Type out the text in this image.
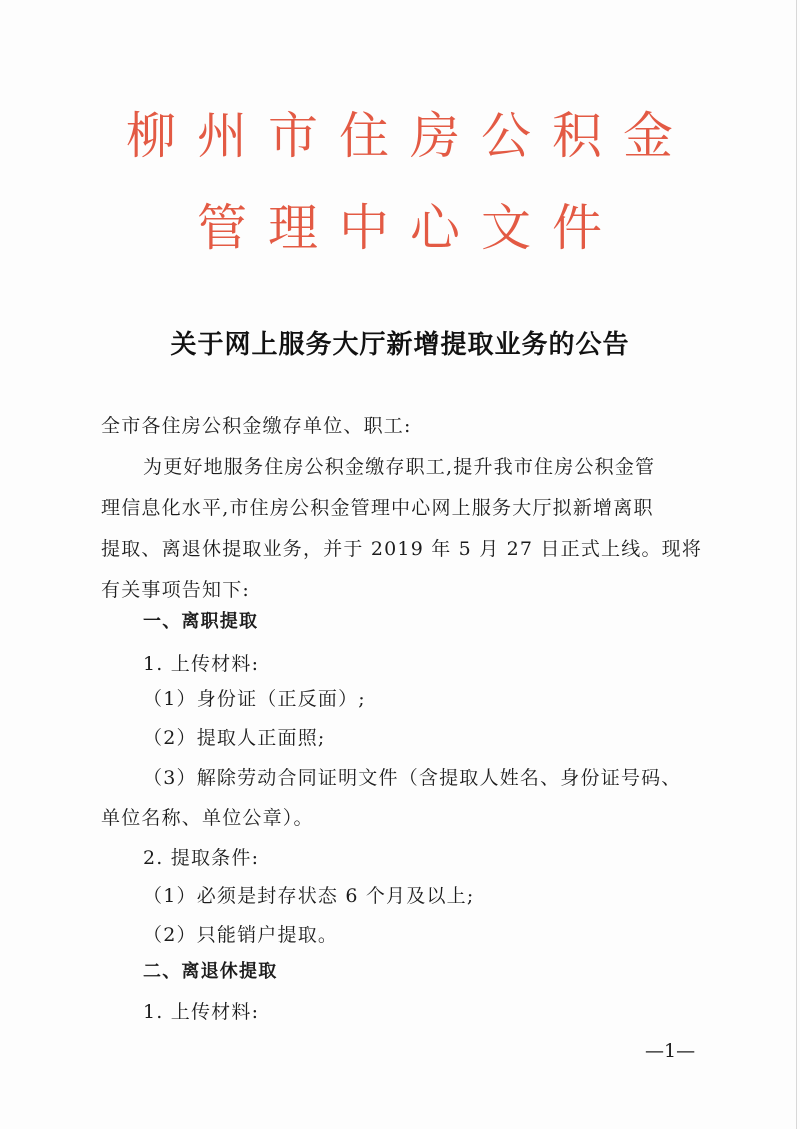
柳州市住房公积金
管理中心文件
关于网上服务大厅新增提取业务的公告
全市各住房公积金缴存单位、职工:
为更好地服务住房公积金缴存职工,提升我市住房公积金管
理信息化水平,市住房公积金管理中心网上服务大厅拟新增离职
提取、离退休提取业务，并于 2019 年 5 月 27 日正式上线。现将
有关事项告知下:
一、离职提取
1. 上传材料:
（1）身份证（正反面）;
（2）提取人正面照;
（3）解除劳动合同证明文件（含提取人姓名、身份证号码、
单位名称、单位公章）。
2. 提取条件:
（1）必须是封存状态 6 个月及以上;
（2）只能销户提取。
二、离退休提取
1. 上传材料:
—1—
